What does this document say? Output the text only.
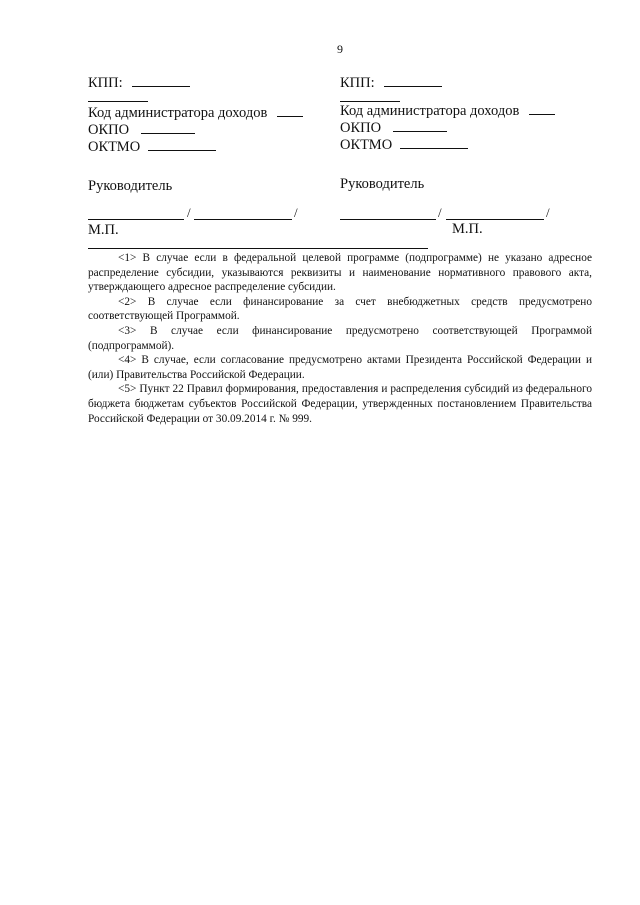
9
КПП:
Код администратора доходов
ОКПО
ОКТМО
Руководитель
/	/
М.П.
КПП:
Код администратора доходов
ОКПО
ОКТМО
Руководитель
/	/
М.П.

<1> В случае если в федеральной целевой программе (подпрограмме) не указано адресное распределение субсидии, указываются реквизиты и наименование нормативного правового акта, утверждающего адресное распределение субсидии.

<2> В случае если финансирование за счет внебюджетных средств предусмотрено соответствующей Программой.

<3> В случае если финансирование предусмотрено соответствующей Программой (подпрограммой).

<4> В случае, если согласование предусмотрено актами Президента Российской Федерации и (или) Правительства Российской Федерации.

<5> Пункт 22 Правил формирования, предоставления и распределения субсидий из федерального бюджета бюджетам субъектов Российской Федерации, утвержденных постановлением Правительства Российской Федерации от 30.09.2014 г. № 999.
